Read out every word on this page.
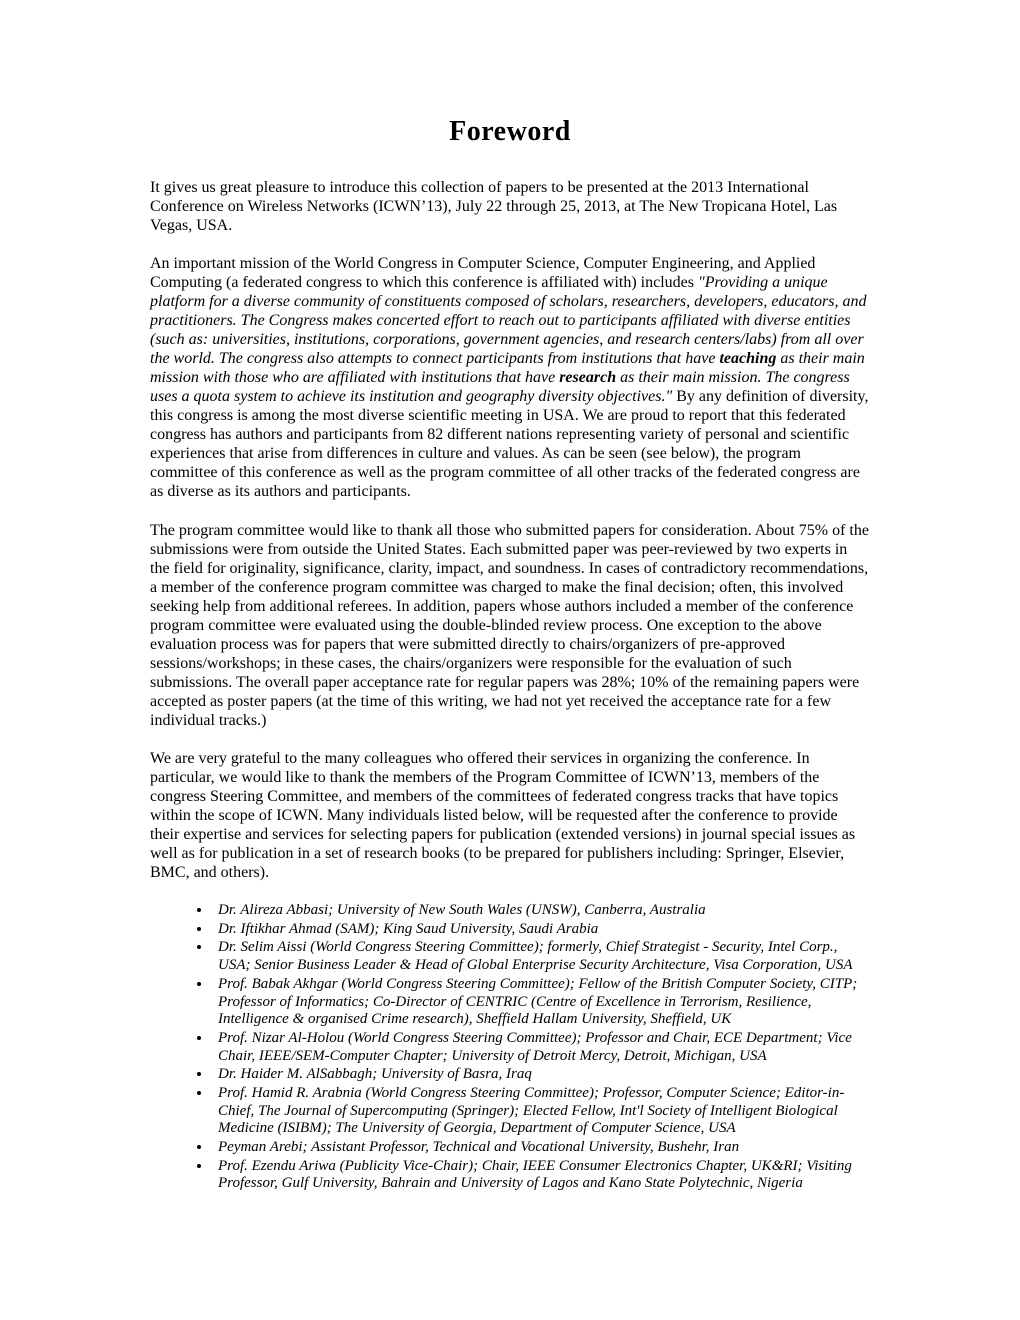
Foreword

It gives us great pleasure to introduce this collection of papers to be presented at the 2013 International Conference on Wireless Networks (ICWN’13), July 22 through 25, 2013, at The New Tropicana Hotel, Las Vegas, USA.

An important mission of the World Congress in Computer Science, Computer Engineering, and Applied Computing (a federated congress to which this conference is affiliated with) includes "Providing a unique platform for a diverse community of constituents composed of scholars, researchers, developers, educators, and practitioners. The Congress makes concerted effort to reach out to participants affiliated with diverse entities (such as: universities, institutions, corporations, government agencies, and research centers/labs) from all over the world. The congress also attempts to connect participants from institutions that have teaching as their main mission with those who are affiliated with institutions that have research as their main mission. The congress uses a quota system to achieve its institution and geography diversity objectives." By any definition of diversity, this congress is among the most diverse scientific meeting in USA. We are proud to report that this federated congress has authors and participants from 82 different nations representing variety of personal and scientific experiences that arise from differences in culture and values. As can be seen (see below), the program committee of this conference as well as the program committee of all other tracks of the federated congress are as diverse as its authors and participants.

The program committee would like to thank all those who submitted papers for consideration. About 75% of the submissions were from outside the United States. Each submitted paper was peer-reviewed by two experts in the field for originality, significance, clarity, impact, and soundness. In cases of contradictory recommendations, a member of the conference program committee was charged to make the final decision; often, this involved seeking help from additional referees. In addition, papers whose authors included a member of the conference program committee were evaluated using the double-blinded review process. One exception to the above evaluation process was for papers that were submitted directly to chairs/organizers of pre-approved sessions/workshops; in these cases, the chairs/organizers were responsible for the evaluation of such submissions. The overall paper acceptance rate for regular papers was 28%; 10% of the remaining papers were accepted as poster papers (at the time of this writing, we had not yet received the acceptance rate for a few individual tracks.)

We are very grateful to the many colleagues who offered their services in organizing the conference. In particular, we would like to thank the members of the Program Committee of ICWN’13, members of the congress Steering Committee, and members of the committees of federated congress tracks that have topics within the scope of ICWN. Many individuals listed below, will be requested after the conference to provide their expertise and services for selecting papers for publication (extended versions) in journal special issues as well as for publication in a set of research books (to be prepared for publishers including: Springer, Elsevier, BMC, and others).

• Dr. Alireza Abbasi; University of New South Wales (UNSW), Canberra, Australia
• Dr. Iftikhar Ahmad (SAM); King Saud University, Saudi Arabia
• Dr. Selim Aissi (World Congress Steering Committee); formerly, Chief Strategist - Security, Intel Corp., USA; Senior Business Leader & Head of Global Enterprise Security Architecture, Visa Corporation, USA
• Prof. Babak Akhgar (World Congress Steering Committee); Fellow of the British Computer Society, CITP; Professor of Informatics; Co-Director of CENTRIC (Centre of Excellence in Terrorism, Resilience, Intelligence & organised Crime research), Sheffield Hallam University, Sheffield, UK
• Prof. Nizar Al-Holou (World Congress Steering Committee); Professor and Chair, ECE Department; Vice Chair, IEEE/SEM-Computer Chapter; University of Detroit Mercy, Detroit, Michigan, USA
• Dr. Haider M. AlSabbagh; University of Basra, Iraq
• Prof. Hamid R. Arabnia (World Congress Steering Committee); Professor, Computer Science; Editor-in-Chief, The Journal of Supercomputing (Springer); Elected Fellow, Int'l Society of Intelligent Biological Medicine (ISIBM); The University of Georgia, Department of Computer Science, USA
• Peyman Arebi; Assistant Professor, Technical and Vocational University, Bushehr, Iran
• Prof. Ezendu Ariwa (Publicity Vice-Chair); Chair, IEEE Consumer Electronics Chapter, UK&RI; Visiting Professor, Gulf University, Bahrain and University of Lagos and Kano State Polytechnic, Nigeria
